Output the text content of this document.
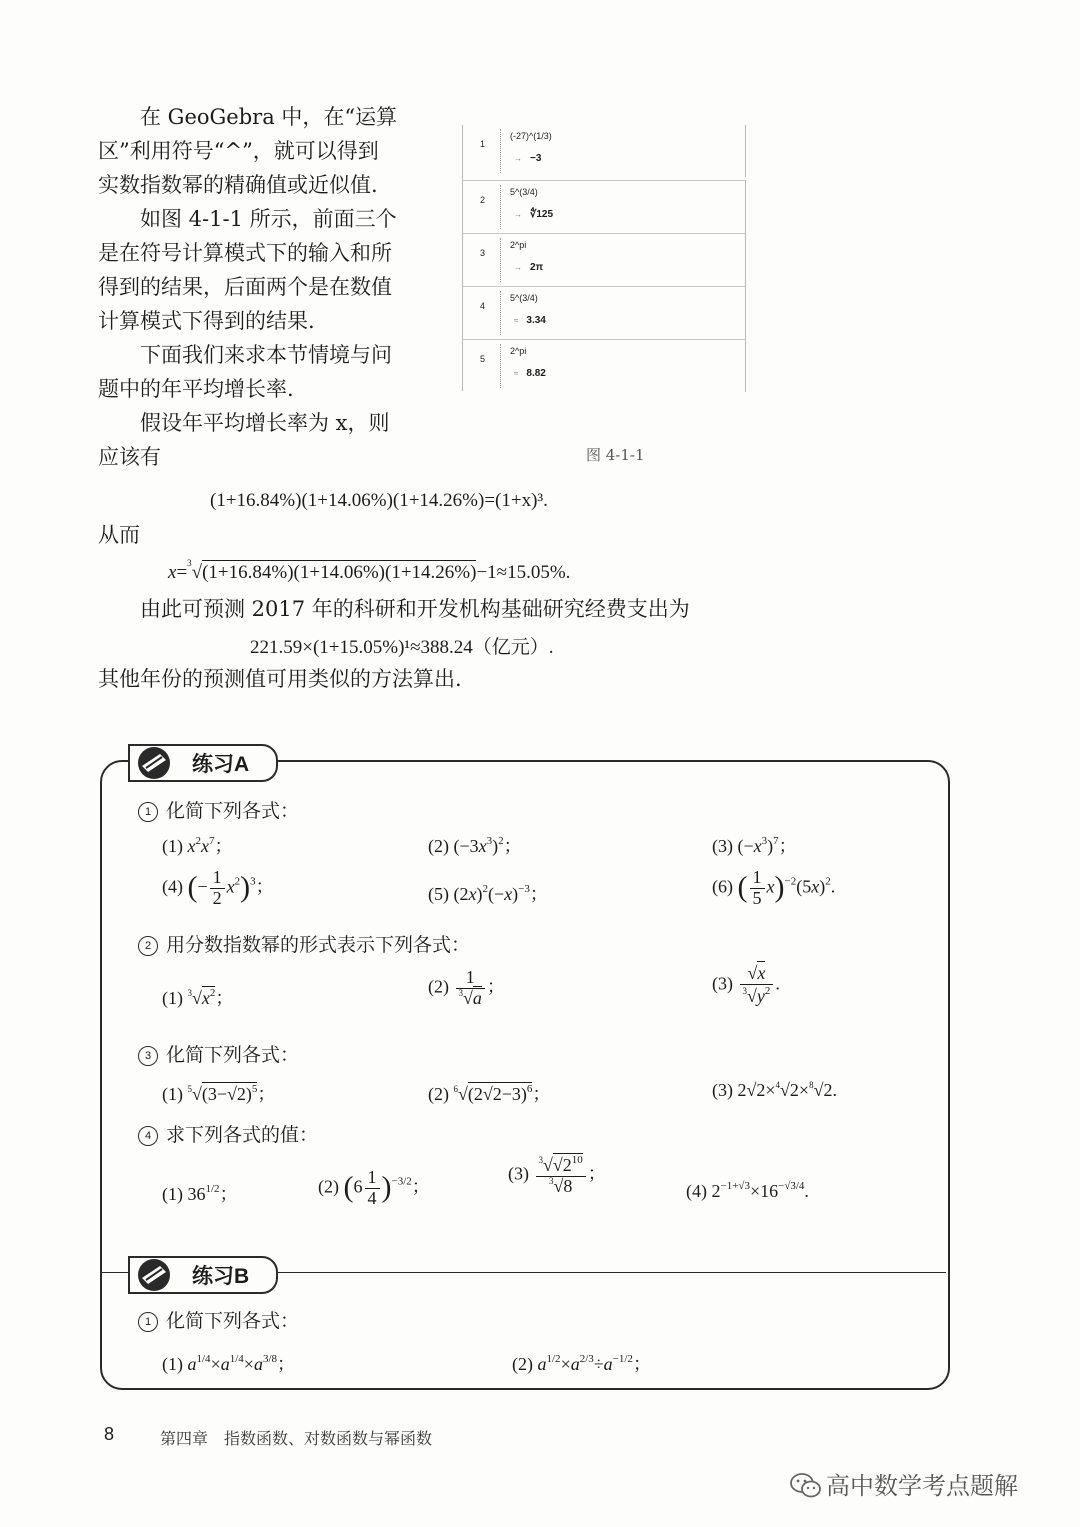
在 GeoGebra 中，在“运算
区”利用符号“^”，就可以得到
实数指数幂的精确值或近似值.
如图 4-1-1 所示，前面三个
是在符号计算模式下的输入和所
得到的结果，后面两个是在数值
计算模式下得到的结果.
下面我们来求本节情境与问
题中的年平均增长率.
假设年平均增长率为 x，则
应该有
1
(-27)^(1/3)
→ −3
2
5^(3/4)
→ ∜125
3
2^pi
→ 2π
4
5^(3/4)
≈ 3.34
5
2^pi
≈ 8.82
图 4-1-1
(1+16.84%)(1+14.06%)(1+14.26%)=(1+x)³.
从而
x=$^3$√(1+16.84%)(1+14.06%)(1+14.26%)−1≈15.05%.
由此可预测 2017 年的科研和开发机构基础研究经费支出为
221.59×(1+15.05%)¹≈388.24（亿元）.
其他年份的预测值可用类似的方法算出.
练习A
1 化简下列各式：
(1) $x^2x^7$；	(2) $(-3x^3)^2$；	(3) $(-x^3)^7$；
(4) (− $\frac{1}{2} x^2)^3$；	(5) $(2x)^2(-x)^{-3}$；	(6) ( $\frac{1}{5} x)^{-2}(5x)^2$.
2 用分数指数幂的形式表示下列各式：
(1) $^3√x^2$；
$(2) \frac{1}{^3√a}$ ；	$(3) \frac{√x}{^3√y^2}$ .
3 化简下列各式：
(1) $^5√(3-√2)^5$；	(2) $^6√(2√2-3)^6$；	(3) 2√2×$^4$√2×$^8$√2.
4 求下列各式的值：
(1) $36^{1/2}$；	(2) $(6 \frac{1}{4} )^{-3/2}$；
$(3) \frac{^3√√2^{10}}{^3√8}$ ；
(4) $2^{-1+√3}\times 16^{-√3/4}$.
练习B
1 化简下列各式：
(1) $a^{1/4}\times a^{1/4}\times a^{3/8}$；	(2) $a^{1/2}\times a^{2/3}\div a^{-1/2}$；
8	第四章　指数函数、对数函数与幂函数
高中数学考点题解
